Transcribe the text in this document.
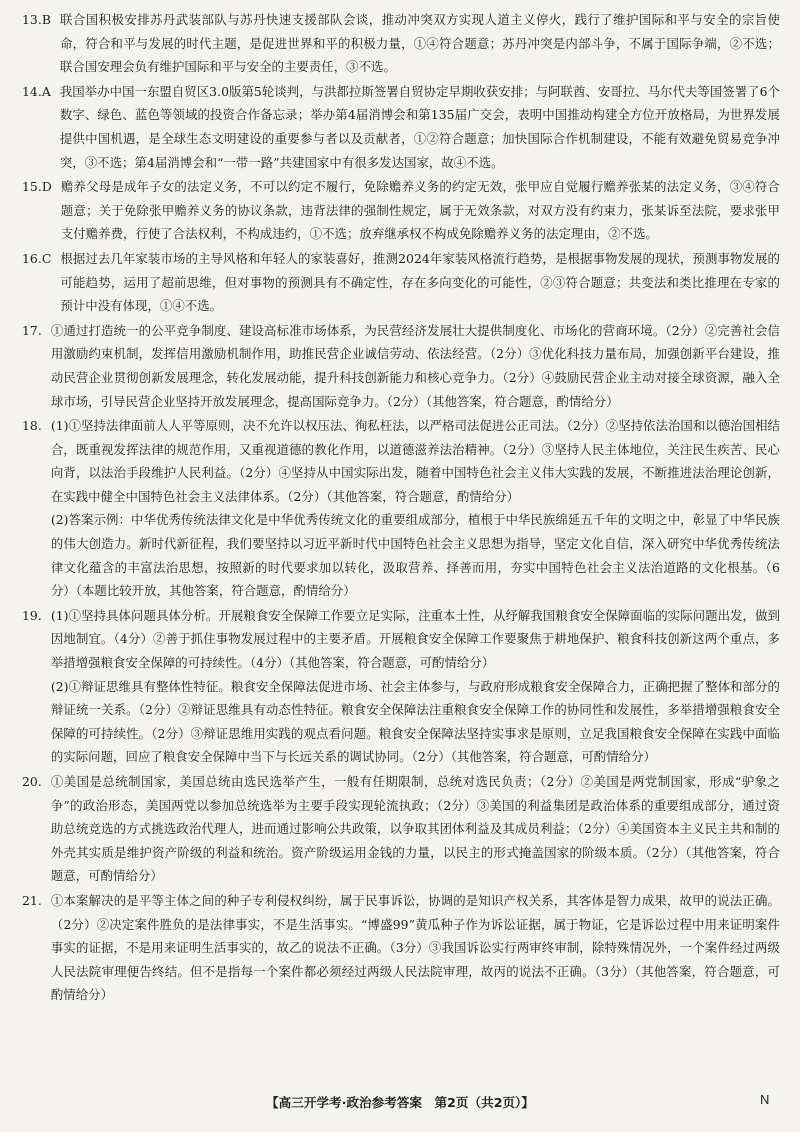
13.B 联合国积极安排苏丹武装部队与苏丹快速支援部队会谈，推动冲突双方实现人道主义停火，践行了维护国际和平与安全的宗旨使命，符合和平与发展的时代主题，是促进世界和平的积极力量，①④符合题意；苏丹冲突是内部斗争，不属于国际争端，②不选；联合国安理会负有维护国际和平与安全的主要责任，③不选。

14.A 我国举办中国一东盟自贸区3.0版第5轮谈判，与洪都拉斯签署自贸协定早期收获安排；与阿联酋、安哥拉、马尔代夫等国签署了6个数字、绿色、蓝色等领域的投资合作备忘录；举办第4届消博会和第135届广交会，表明中国推动构建全方位开放格局，为世界发展提供中国机遇，是全球生态文明建设的重要参与者以及贡献者，①②符合题意；加快国际合作机制建设，不能有效避免贸易竞争冲突，③不选；第4届消博会和“一带一路”共建国家中有很多发达国家，故④不选。

15.D 赡养父母是成年子女的法定义务，不可以约定不履行，免除赡养义务的约定无效，张甲应自觉履行赡养张某的法定义务，③④符合题意；关于免除张甲赡养义务的协议条款，违背法律的强制性规定，属于无效条款，对双方没有约束力，张某诉至法院，要求张甲支付赡养费，行使了合法权利，不构成违约，①不选；放弃继承权不构成免除赡养义务的法定理由，②不选。

16.C 根据过去几年家装市场的主导风格和年轻人的家装喜好，推测2024年家装风格流行趋势，是根据事物发展的现状，预测事物发展的可能趋势，运用了超前思维，但对事物的预测具有不确定性，存在多向变化的可能性，②③符合题意；共变法和类比推理在专家的预计中没有体现，①④不选。

17. ①通过打造统一的公平竞争制度、建设高标准市场体系，为民营经济发展壮大提供制度化、市场化的营商环境。（2分）②完善社会信用激励约束机制，发挥信用激励机制作用，助推民营企业诚信劳动、依法经营。（2分）③优化科技力量布局，加强创新平台建设，推动民营企业贯彻创新发展理念，转化发展动能，提升科技创新能力和核心竞争力。（2分）④鼓励民营企业主动对接全球资源，融入全球市场，引导民营企业坚持开放发展理念，提高国际竞争力。（2分）（其他答案，符合题意，酌情给分）

18. (1)①坚持法律面前人人平等原则，决不允许以权压法、徇私枉法，以严格司法促进公正司法。（2分）②坚持依法治国和以德治国相结合，既重视发挥法律的规范作用，又重视道德的教化作用，以道德滋养法治精神。（2分）③坚持人民主体地位，关注民生疾苦、民心向背，以法治手段维护人民利益。（2分）④坚持从中国实际出发，随着中国特色社会主义伟大实践的发展，不断推进法治理论创新，在实践中健全中国特色社会主义法律体系。（2分）（其他答案，符合题意，酌情给分）

(2)答案示例：中华优秀传统法律文化是中华优秀传统文化的重要组成部分，植根于中华民族绵延五千年的文明之中，彰显了中华民族的伟大创造力。新时代新征程，我们要坚持以习近平新时代中国特色社会主义思想为指导，坚定文化自信，深入研究中华优秀传统法律文化蕴含的丰富法治思想，按照新的时代要求加以转化，汲取营养、择善而用，夯实中国特色社会主义法治道路的文化根基。（6分）（本题比较开放，其他答案，符合题意，酌情给分）

19. (1)①坚持具体问题具体分析。开展粮食安全保障工作要立足实际，注重本土性，从纾解我国粮食安全保障面临的实际问题出发，做到因地制宜。（4分）②善于抓住事物发展过程中的主要矛盾。开展粮食安全保障工作要聚焦于耕地保护、粮食科技创新这两个重点，多举措增强粮食安全保障的可持续性。（4分）（其他答案，符合题意，可酌情给分）

(2)①辩证思维具有整体性特征。粮食安全保障法促进市场、社会主体参与，与政府形成粮食安全保障合力，正确把握了整体和部分的辩证统一关系。（2分）②辩证思维具有动态性特征。粮食安全保障法注重粮食安全保障工作的协同性和发展性，多举措增强粮食安全保障的可持续性。（2分）③辩证思维用实践的观点看问题。粮食安全保障法坚持实事求是原则，立足我国粮食安全保障在实践中面临的实际问题，回应了粮食安全保障中当下与长远关系的调试协同。（2分）（其他答案，符合题意，可酌情给分）

20. ①美国是总统制国家，美国总统由选民选举产生，一般有任期限制，总统对选民负责；（2分）②美国是两党制国家，形成“驴象之争”的政治形态，美国两党以参加总统选举为主要手段实现轮流执政；（2分）③美国的利益集团是政治体系的重要组成部分，通过资助总统竞选的方式挑选政治代理人，进而通过影响公共政策，以争取其团体利益及其成员利益；（2分）④美国资本主义民主共和制的外壳其实质是维护资产阶级的利益和统治。资产阶级运用金钱的力量，以民主的形式掩盖国家的阶级本质。（2分）（其他答案，符合题意，可酌情给分）

21. ①本案解决的是平等主体之间的种子专利侵权纠纷，属于民事诉讼，协调的是知识产权关系，其客体是智力成果，故甲的说法正确。（2分）②决定案件胜负的是法律事实，不是生活事实。“博盛99”黄瓜种子作为诉讼证据，属于物证，它是诉讼过程中用来证明案件事实的证据，不是用来证明生活事实的，故乙的说法不正确。（3分）③我国诉讼实行两审终审制，除特殊情况外，一个案件经过两级人民法院审理便告终结。但不是指每一个案件都必须经过两级人民法院审理，故丙的说法不正确。（3分）（其他答案，符合题意，可酌情给分）

【高三开学考·政治参考答案　第2页（共2页）】	N
